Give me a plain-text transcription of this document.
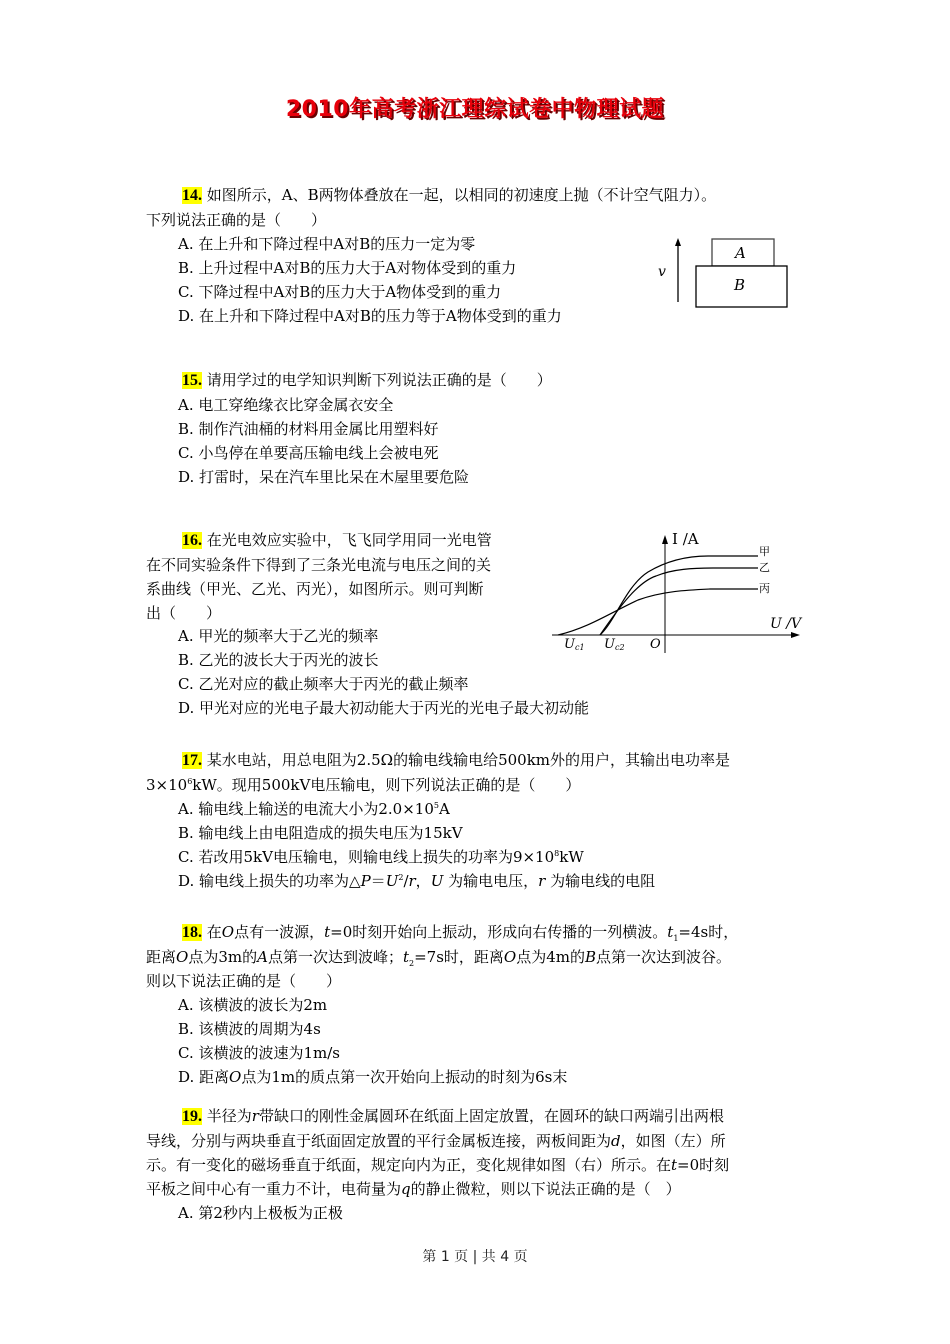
2010年高考浙江理综试卷中物理试题

14. 如图所示，A、B两物体叠放在一起，以相同的初速度上抛（不计空气阻力）。

下列说法正确的是（　　）

A. 在上升和下降过程中A对B的压力一定为零

B. 上升过程中A对B的压力大于A对物体受到的重力

C. 下降过程中A对B的压力大于A物体受到的重力

D. 在上升和下降过程中A对B的压力等于A物体受到的重力

v
A
B

15. 请用学过的电学知识判断下列说法正确的是（　　）

A. 电工穿绝缘衣比穿金属衣安全

B. 制作汽油桶的材料用金属比用塑料好

C. 小鸟停在单要高压输电线上会被电死

D. 打雷时，呆在汽车里比呆在木屋里要危险

16. 在光电效应实验中，飞飞同学用同一光电管

在不同实验条件下得到了三条光电流与电压之间的关

系曲线（甲光、乙光、丙光），如图所示。则可判断

出（　　）

A. 甲光的频率大于乙光的频率

B. 乙光的波长大于丙光的波长

C. 乙光对应的截止频率大于丙光的截止频率

D. 甲光对应的光电子最大初动能大于丙光的光电子最大初动能

I /A
U /V
O
Uc1 Uc2
甲
乙
丙

17. 某水电站，用总电阻为2.5Ω的输电线输电给500km外的用户，其输出电功率是

$3\times 10^6kW$。现用500kV电压输电，则下列说法正确的是（　　）

A. 输电线上输送的电流大小为$2.0\times 10^5A$

B. 输电线上由电阻造成的损失电压为15kV

C. 若改用5kV电压输电，则输电线上损失的功率为$9\times 10^8kW$

D. 输电线上损失的功率为$\triangle P=U^2/r$，U 为输电电压，r 为输电线的电阻

18. 在O点有一波源，t=0时刻开始向上振动，形成向右传播的一列横波。$t_1=4s$时，

距离O点为3m的A点第一次达到波峰；$t_2=7s$时，距离O点为4m的B点第一次达到波谷。

则以下说法正确的是（　　）

A. 该横波的波长为2m

B. 该横波的周期为4s

C. 该横波的波速为1m/s

D. 距离O点为1m的质点第一次开始向上振动的时刻为6s末

19. 半径为r带缺口的刚性金属圆环在纸面上固定放置，在圆环的缺口两端引出两根

导线，分别与两块垂直于纸面固定放置的平行金属板连接，两板间距为d，如图（左）所

示。有一变化的磁场垂直于纸面，规定向内为正，变化规律如图（右）所示。在t=0时刻

平板之间中心有一重力不计，电荷量为q的静止微粒，则以下说法正确的是（　）

A. 第2秒内上极板为正极

第 1 页 | 共 4 页
